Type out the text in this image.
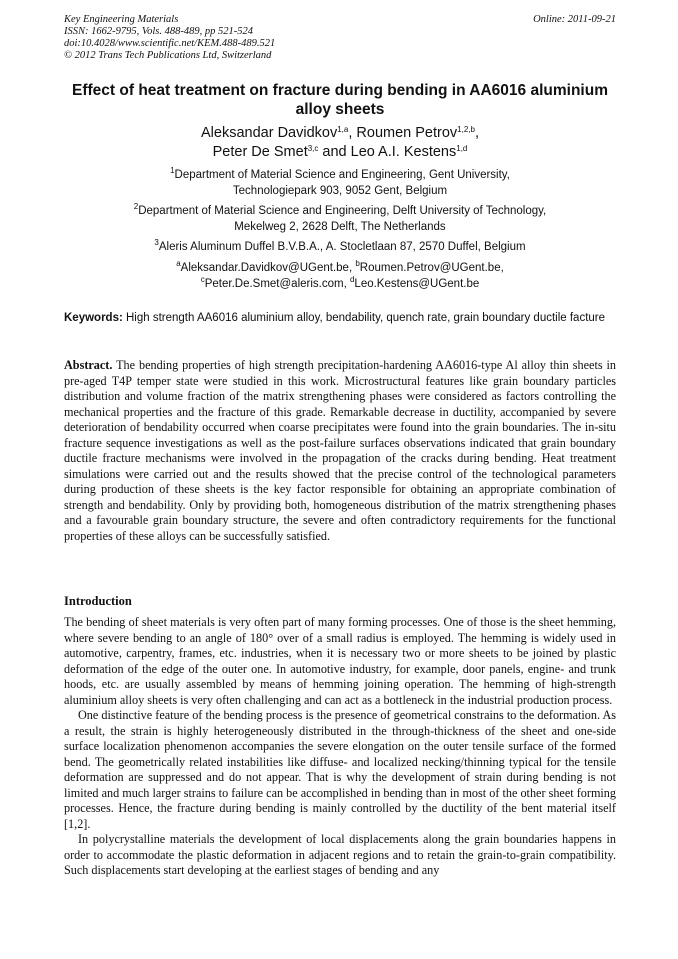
Key Engineering Materials
ISSN: 1662-9795, Vols. 488-489, pp 521-524
doi:10.4028/www.scientific.net/KEM.488-489.521
© 2012 Trans Tech Publications Ltd, Switzerland
Online: 2011-09-21
Effect of heat treatment on fracture during bending in AA6016 aluminium alloy sheets
Aleksandar Davidkov$^{1,a}$, Roumen Petrov$^{1,2,b}$,
Peter De Smet$^{3,c}$ and Leo A.I. Kestens$^{1,d}$
$^1$Department of Material Science and Engineering, Gent University,
Technologiepark 903, 9052 Gent, Belgium
$^2$Department of Material Science and Engineering, Delft University of Technology,
Mekelweg 2, 2628 Delft, The Netherlands
$^3$Aleris Aluminum Duffel B.V.B.A., A. Stocletlaan 87, 2570 Duffel, Belgium
$^a$Aleksandar.Davidkov@UGent.be, $^b$Roumen.Petrov@UGent.be,
$^c$Peter.De.Smet@aleris.com, $^d$Leo.Kestens@UGent.be
Keywords: High strength AA6016 aluminium alloy, bendability, quench rate, grain boundary ductile facture
Abstract. The bending properties of high strength precipitation-hardening AA6016-type Al alloy thin sheets in pre-aged T4P temper state were studied in this work. Microstructural features like grain boundary particles distribution and volume fraction of the matrix strengthening phases were considered as factors controlling the mechanical properties and the fracture of this grade. Remarkable decrease in ductility, accompanied by severe deterioration of bendability occurred when coarse precipitates were found into the grain boundaries. The in-situ fracture sequence investigations as well as the post-failure surfaces observations indicated that grain boundary ductile fracture mechanisms were involved in the propagation of the cracks during bending. Heat treatment simulations were carried out and the results showed that the precise control of the technological parameters during production of these sheets is the key factor responsible for obtaining an appropriate combination of strength and bendability. Only by providing both, homogeneous distribution of the matrix strengthening phases and a favourable grain boundary structure, the severe and often contradictory requirements for the functional properties of these alloys can be successfully satisfied.
Introduction

The bending of sheet materials is very often part of many forming processes. One of those is the sheet hemming, where severe bending to an angle of 180° over of a small radius is employed. The hemming is widely used in automotive, carpentry, frames, etc. industries, when it is necessary two or more sheets to be joined by plastic deformation of the edge of the outer one. In automotive industry, for example, door panels, engine- and trunk hoods, etc. are usually assembled by means of hemming joining operation. The hemming of high-strength aluminium alloy sheets is very often challenging and can act as a bottleneck in the industrial production process.

One distinctive feature of the bending process is the presence of geometrical constrains to the deformation. As a result, the strain is highly heterogeneously distributed in the through-thickness of the sheet and one-side surface localization phenomenon accompanies the severe elongation on the outer tensile surface of the formed bend. The geometrically related instabilities like diffuse- and localized necking/thinning typical for the tensile deformation are suppressed and do not appear. That is why the development of strain during bending is not limited and much larger strains to failure can be accomplished in bending than in most of the other sheet forming processes. Hence, the fracture during bending is mainly controlled by the ductility of the bent material itself [1,2].

In polycrystalline materials the development of local displacements along the grain boundaries happens in order to accommodate the plastic deformation in adjacent regions and to retain the grain-to-grain compatibility. Such displacements start developing at the earliest stages of bending and any
